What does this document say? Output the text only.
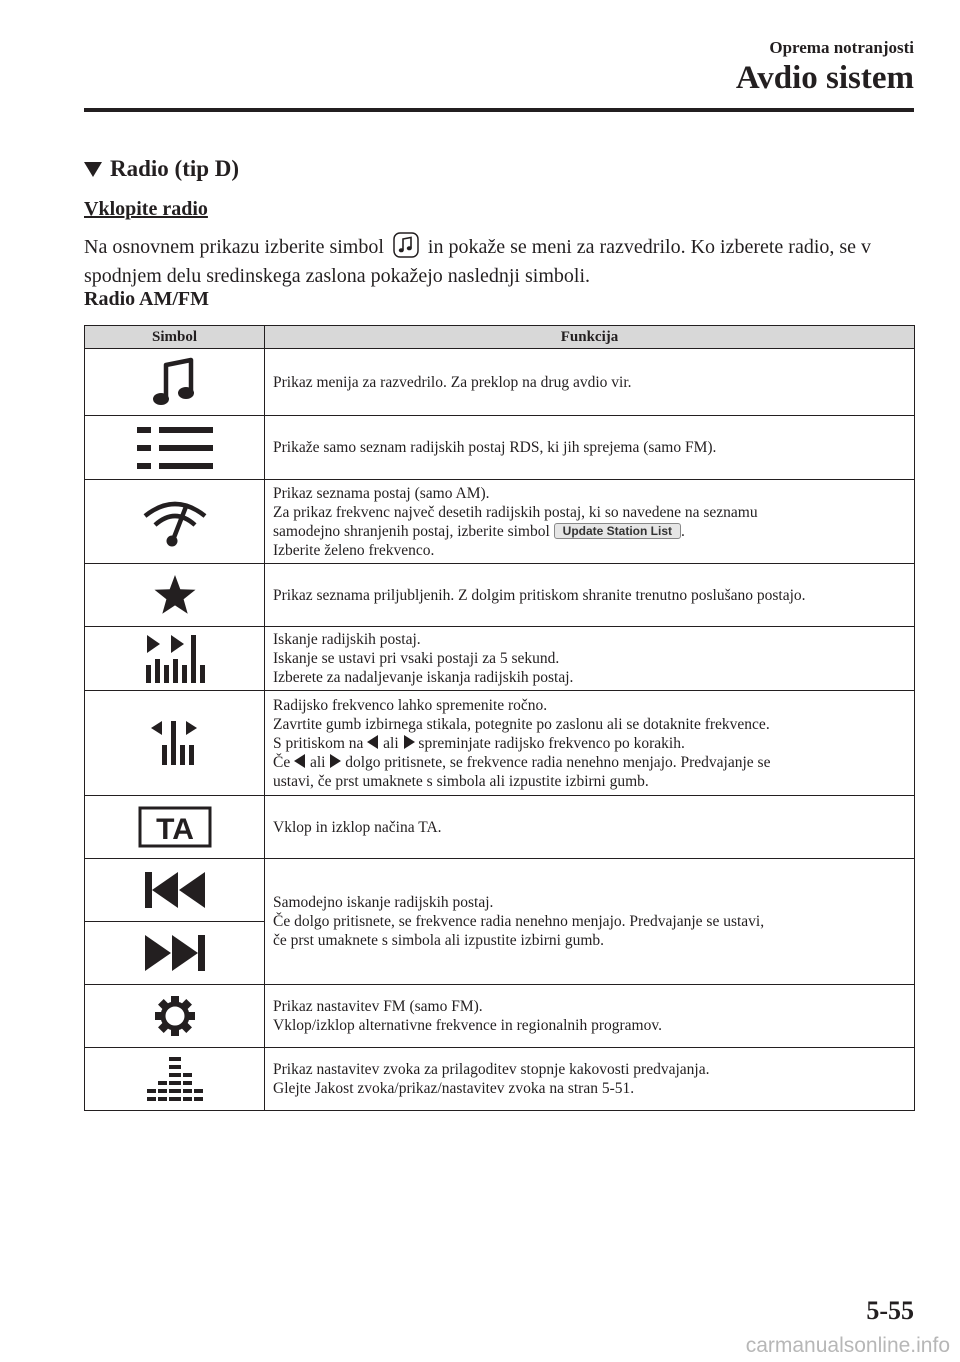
Oprema notranjosti
Avdio sistem
Radio (tip D)
Vklopite radio
Na osnovnem prikazu izberite simbol in pokaže se meni za razvedrilo. Ko izberete radio, se v spodnjem delu sredinskega zaslona pokažejo naslednji simboli.
Radio AM/FM
Simbol	Funkcija

	Prikaz menija za razvedrilo. Za preklop na drug avdio vir.

	Prikaže samo seznam radijskih postaj RDS, ki jih sprejema (samo FM).

Prikaz seznama postaj (samo AM).
Za prikaz frekvenc največ desetih radijskih postaj, ki so navedene na seznamu
samodejno shranjenih postaj, izberite simbol Update Station List .
Izberite želeno frekvenco.

	Prikaz seznama priljubljenih. Z dolgim pritiskom shranite trenutno poslušano postajo.

Iskanje radijskih postaj.
Iskanje se ustavi pri vsaki postaji za 5 sekund.
Izberete za nadaljevanje iskanja radijskih postaj.

Radijsko frekvenco lahko spremenite ročno.
Zavrtite gumb izbirnega stikala, potegnite po zaslonu ali se dotaknite frekvence.
S pritiskom na ali spreminjate radijsko frekvenco po korakih.
Če ali dolgo pritisnete, se frekvence radia nenehno menjajo. Predvajanje se
ustavi, če prst umaknete s simbola ali izpustite izbirni gumb.

TA	Vklop in izklop načina TA.

Samodejno iskanje radijskih postaj.
Če dolgo pritisnete, se frekvence radia nenehno menjajo. Predvajanje se ustavi,
če prst umaknete s simbola ali izpustite izbirni gumb.

Prikaz nastavitev FM (samo FM).
Vklop/izklop alternativne frekvence in regionalnih programov.

Prikaz nastavitev zvoka za prilagoditev stopnje kakovosti predvajanja.
Glejte Jakost zvoka/prikaz/nastavitev zvoka na stran 5-51.
5-55
carmanualsonline.info
